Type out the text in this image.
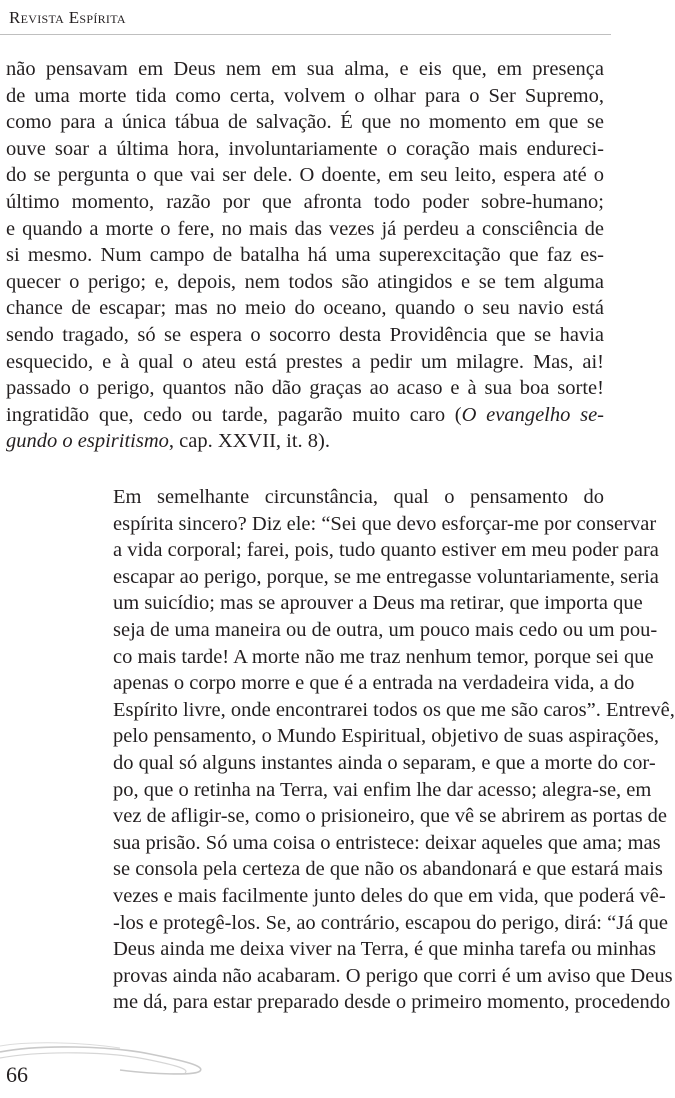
Revista Espírita
não pensavam em Deus nem em sua alma, e eis que, em presença
de uma morte tida como certa, volvem o olhar para o Ser Supremo,
como para a única tábua de salvação. É que no momento em que se
ouve soar a última hora, involuntariamente o coração mais endureci-
do se pergunta o que vai ser dele. O doente, em seu leito, espera até o
último momento, razão por que afronta todo poder sobre-humano;
e quando a morte o fere, no mais das vezes já perdeu a consciência de
si mesmo. Num campo de batalha há uma superexcitação que faz es-
quecer o perigo; e, depois, nem todos são atingidos e se tem alguma
chance de escapar; mas no meio do oceano, quando o seu navio está
sendo tragado, só se espera o socorro desta Providência que se havia
esquecido, e à qual o ateu está prestes a pedir um milagre. Mas, ai!
passado o perigo, quantos não dão graças ao acaso e à sua boa sorte!
ingratidão que, cedo ou tarde, pagarão muito caro (O evangelho se-
gundo o espiritismo, cap. XXVII, it. 8).
Em semelhante circunstância, qual o pensamento do
espírita sincero? Diz ele: “Sei que devo esforçar-me por conservar
a vida corporal; farei, pois, tudo quanto estiver em meu poder para
escapar ao perigo, porque, se me entregasse voluntariamente, seria
um suicídio; mas se aprouver a Deus ma retirar, que importa que
seja de uma maneira ou de outra, um pouco mais cedo ou um pou-
co mais tarde! A morte não me traz nenhum temor, porque sei que
apenas o corpo morre e que é a entrada na verdadeira vida, a do
Espírito livre, onde encontrarei todos os que me são caros”. Entrevê,
pelo pensamento, o Mundo Espiritual, objetivo de suas aspirações,
do qual só alguns instantes ainda o separam, e que a morte do cor-
po, que o retinha na Terra, vai enfim lhe dar acesso; alegra-se, em
vez de afligir-se, como o prisioneiro, que vê se abrirem as portas de
sua prisão. Só uma coisa o entristece: deixar aqueles que ama; mas
se consola pela certeza de que não os abandonará e que estará mais
vezes e mais facilmente junto deles do que em vida, que poderá vê-
-los e protegê-los. Se, ao contrário, escapou do perigo, dirá: “Já que
Deus ainda me deixa viver na Terra, é que minha tarefa ou minhas
provas ainda não acabaram. O perigo que corri é um aviso que Deus
me dá, para estar preparado desde o primeiro momento, procedendo
66
